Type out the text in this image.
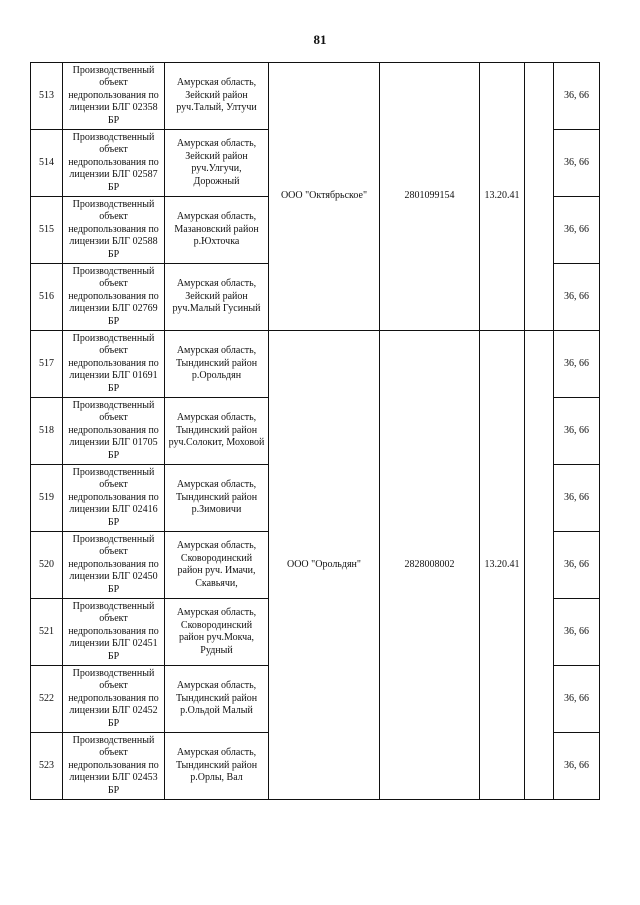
81
513	Производственный объект недропользования по лицензии БЛГ 02358 БР	Амурская область, Зейский район руч.Талый, Ултучи	ООО "Октябрьское"	2801099154	13.20.41		36, 66
514	Производственный объект недропользования по лицензии БЛГ 02587 БР	Амурская область, Зейский район руч.Улгучи, Дорожный					36, 66
515	Производственный объект недропользования по лицензии БЛГ 02588 БР	Амурская область, Мазановский район р.Юхточка					36, 66
516	Производственный объект недропользования по лицензии БЛГ 02769 БР	Амурская область, Зейский район руч.Малый Гусиный					36, 66
517	Производственный объект недропользования по лицензии БЛГ 01691 БР	Амурская область, Тындинский район р.Орольдян	ООО "Орольдян"	2828008002	13.20.41		36, 66
518	Производственный объект недропользования по лицензии БЛГ 01705 БР	Амурская область, Тындинский район руч.Солокит, Моховой					36, 66
519	Производственный объект недропользования по лицензии БЛГ 02416 БР	Амурская область, Тындинский район р.Зимовичи					36, 66
520	Производственный объект недропользования по лицензии БЛГ 02450 БР	Амурская область, Сковородинский район руч. Имачи, Скавьячи,					36, 66
521	Производственный объект недропользования по лицензии БЛГ 02451 БР	Амурская область, Сковородинский район руч.Мокча, Рудный					36, 66
522	Производственный объект недропользования по лицензии БЛГ 02452 БР	Амурская область, Тындинский район р.Ольдой Малый					36, 66
523	Производственный объект недропользования по лицензии БЛГ 02453 БР	Амурская область, Тындинский район р.Орлы, Вал					36, 66
